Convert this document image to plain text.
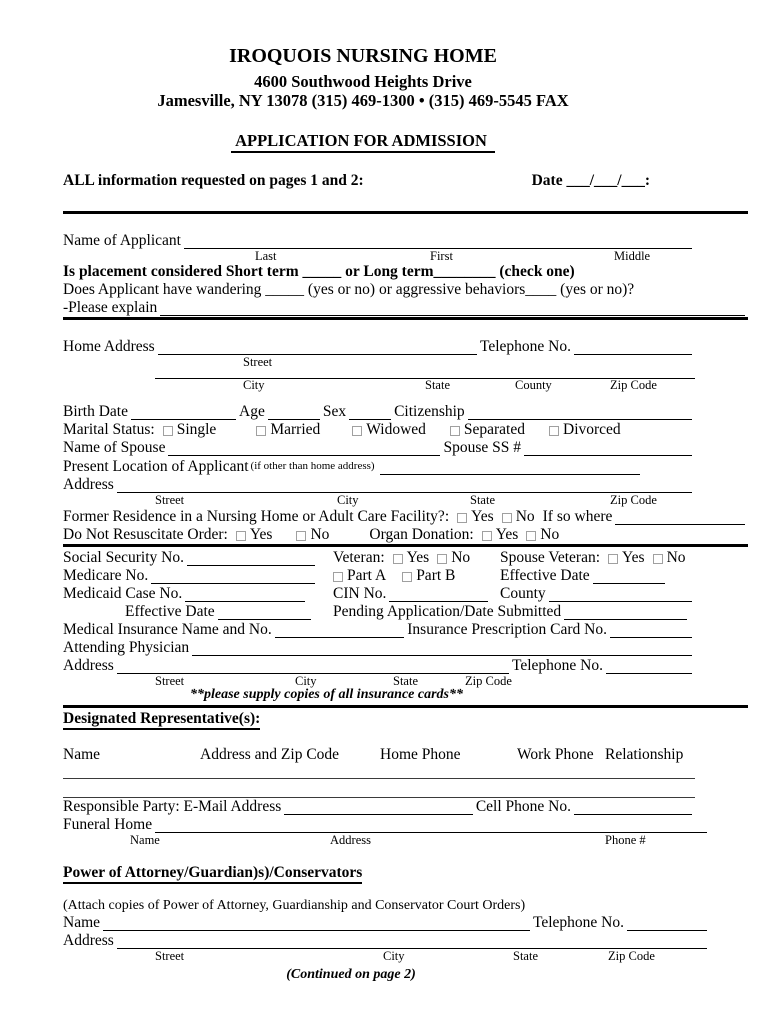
IROQUOIS NURSING HOME
4600 Southwood Heights Drive
Jamesville, NY 13078 (315) 469-1300 • (315) 469-5545 FAX
APPLICATION FOR ADMISSION
ALL information requested on pages 1 and 2:	Date ___/___/___:
Name of Applicant
Last	First	Middle
Is placement considered Short term _____ or Long term________ (check one)
Does Applicant have wandering _____ (yes or no) or aggressive behaviors____ (yes or no)?
-Please explain
Home Address	Telephone No.
Street
City	State	County	Zip Code
Birth Date	Age	Sex	Citizenship
Marital Status: Single	Married	Widowed Separated Divorced
Name of Spouse	Spouse SS #
Present Location of Applicant (if other than home address)
Address
Street	City	State	Zip Code
Former Residence in a Nursing Home or Adult Care Facility?: Yes No If so where
Do Not Resuscitate Order: Yes No	Organ Donation: Yes No
Social Security No.	Veteran: Yes No Spouse Veteran: Yes No
Medicare No.	Part A Part B	Effective Date
Medicaid Case No.	CIN No.	County
Effective Date	Pending Application/Date Submitted
Medical Insurance Name and No.	Insurance Prescription Card No.
Attending Physician
Address	Telephone No.
Street	City	State	Zip Code
**please supply copies of all insurance cards**
Designated Representative(s):
Name	Address and Zip Code	Home Phone	Work Phone Relationship
Responsible Party: E-Mail Address	Cell Phone No.
Funeral Home
Name	Address	Phone #
Power of Attorney/Guardian)s)/Conservators
(Attach copies of Power of Attorney, Guardianship and Conservator Court Orders)
Name	Telephone No.
Address
Street	City	State	Zip Code
(Continued on page 2)
